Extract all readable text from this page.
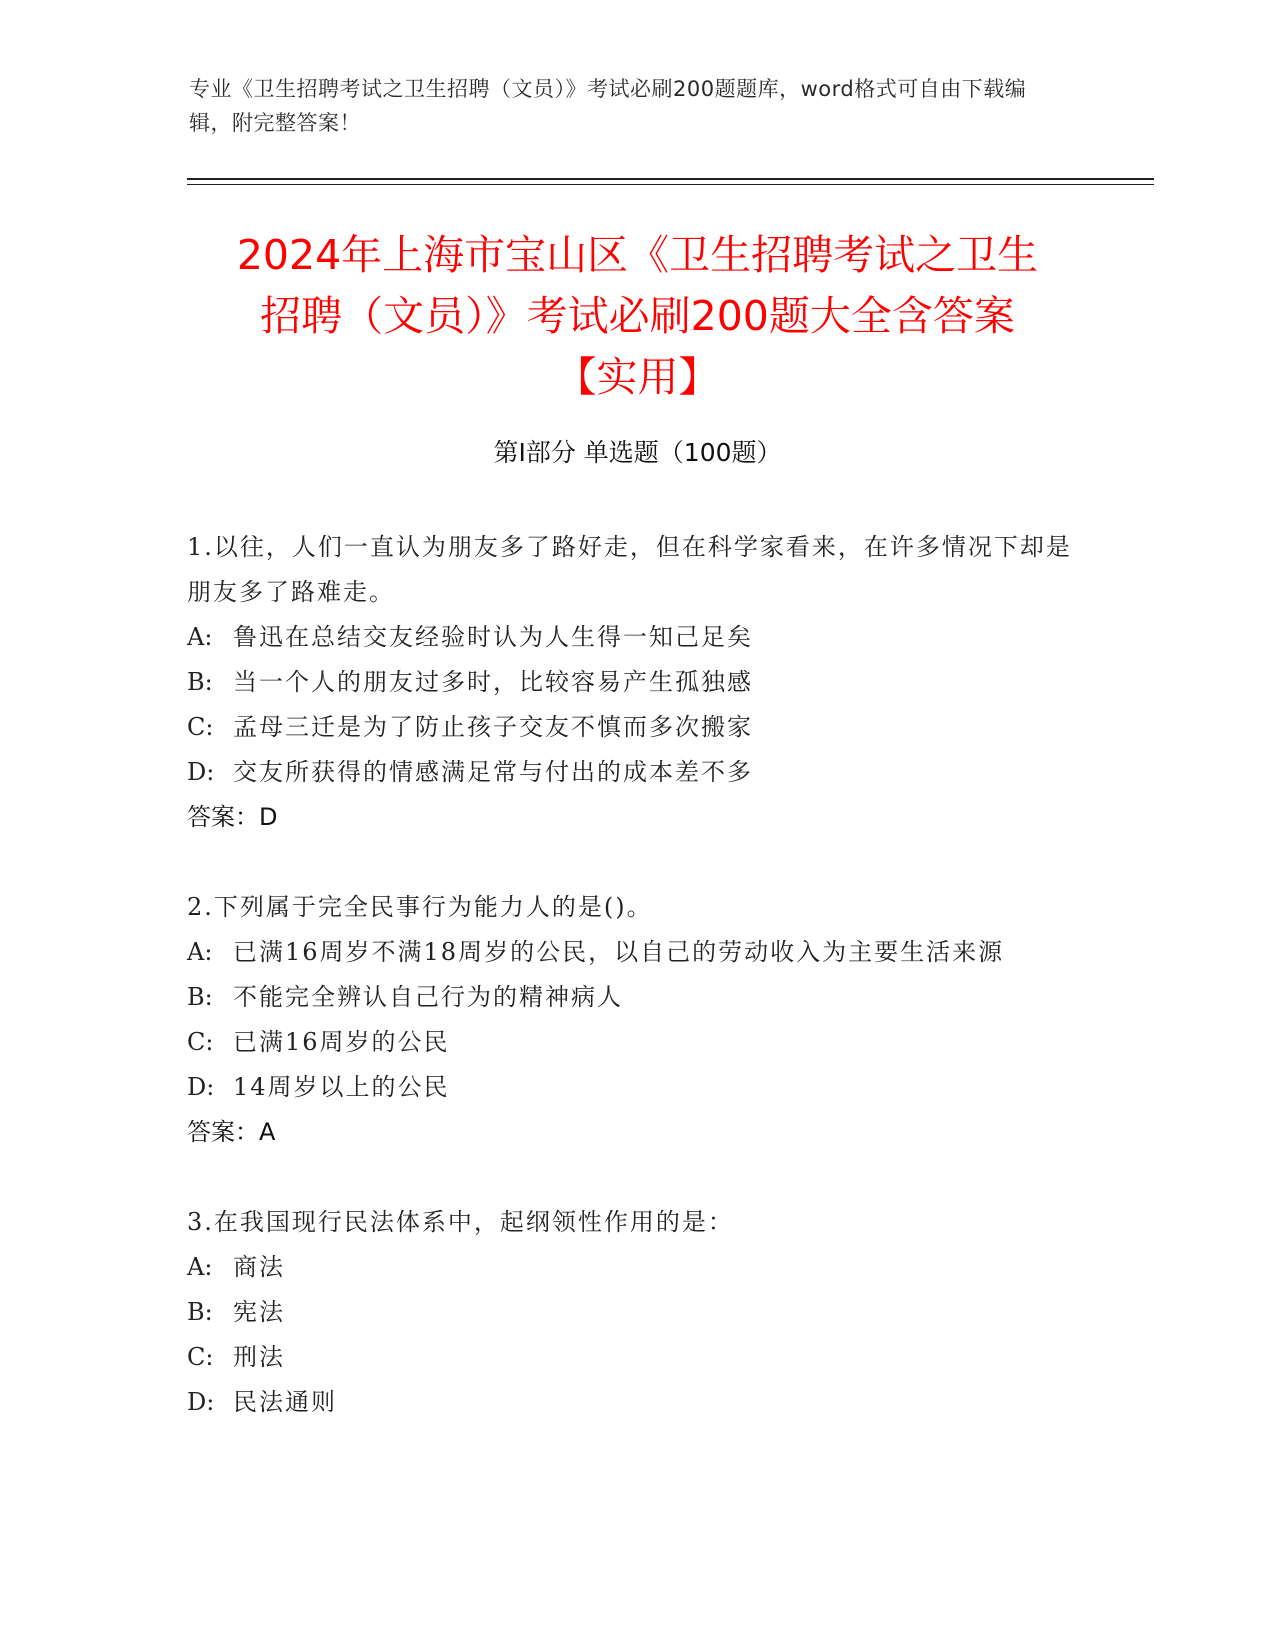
专业《卫生招聘考试之卫生招聘（文员）》考试必刷200题题库，word格式可自由下载编辑，附完整答案！
2024年上海市宝山区《卫生招聘考试之卫生
招聘（文员）》考试必刷200题大全含答案
【实用】
第Ⅰ部分 单选题（100题）
1.以往，人们一直认为朋友多了路好走，但在科学家看来，在许多情况下却是朋友多了路难走。
A: 鲁迅在总结交友经验时认为人生得一知己足矣
B: 当一个人的朋友过多时，比较容易产生孤独感
C: 孟母三迁是为了防止孩子交友不慎而多次搬家
D: 交友所获得的情感满足常与付出的成本差不多
答案：D
2.下列属于完全民事行为能力人的是()。
A: 已满16周岁不满18周岁的公民，以自己的劳动收入为主要生活来源
B: 不能完全辨认自己行为的精神病人
C: 已满16周岁的公民
D: 14周岁以上的公民
答案：A
3.在我国现行民法体系中，起纲领性作用的是：
A: 商法
B: 宪法
C: 刑法
D: 民法通则
